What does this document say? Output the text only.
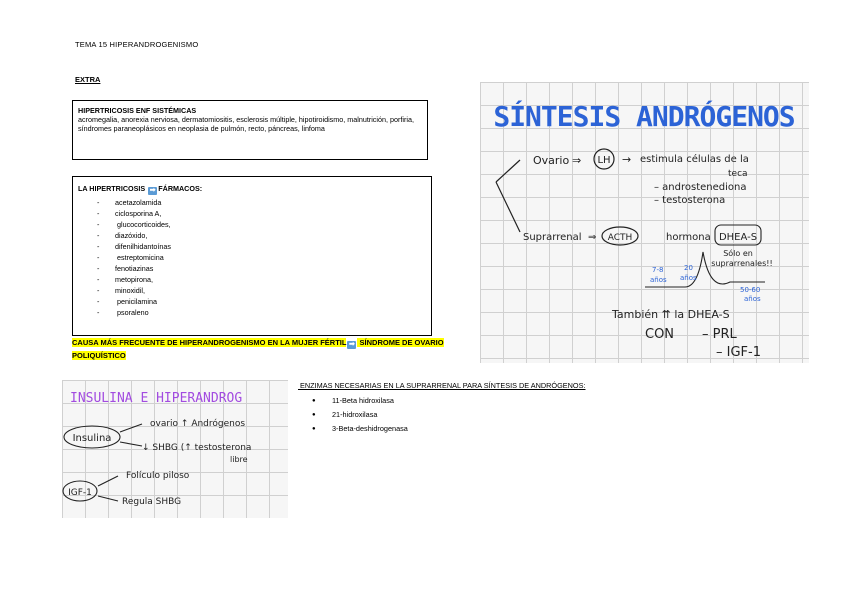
TEMA 15 HIPERANDROGENISMO
EXTRA
HIPERTRICOSIS ENF SISTÉMICAS
acromegalia, anorexia nerviosa, dermatomiositis, esclerosis múltiple, hipotiroidismo, malnutrición, porfiria, síndromes paraneoplásicos en neoplasia de pulmón, recto, páncreas, linfoma
LA HIPERTRICOSIS ➡ FÁRMACOS:
-	acetazolamida
-	ciclosporina A,
-	glucocorticoides,
-	diazóxido,
-	difenilhidantoínas
-	estreptomicina
-	fenotiazinas
-	metopirona,
-	minoxidil,
-	penicilamina
-	psoraleno
CAUSA MÁS FRECUENTE DE HIPERANDROGENISMO EN LA MUJER FÉRTIL ➡ SÍNDROME DE OVARIO POLIQUÍSTICO
ENZIMAS NECESARIAS EN LA SUPRARRENAL PARA SÍNTESIS DE ANDRÓGENOS:
● 11-Beta hidroxilasa
● 21-hidroxilasa
● 3-Beta-deshidrogenasa
SÍNTESIS ANDRÓGENOS
Ovario ⇒ LH → estimula células de la
teca
– androstenediona
– testosterona
Suprarrenal ⇒ ACTH	hormona DHEA-S
Sólo en
suprarrenales!!
7-8
años
20
años
50-60
años
También ⇈ la DHEA-S
CON – PRL
– IGF-1
INSULINA E HIPERANDROG
Insulina
ovario ↑ Andrógenos
↓ SHBG (↑ testosterona
libre
IGF-1
Folículo piloso
Regula SHBG
